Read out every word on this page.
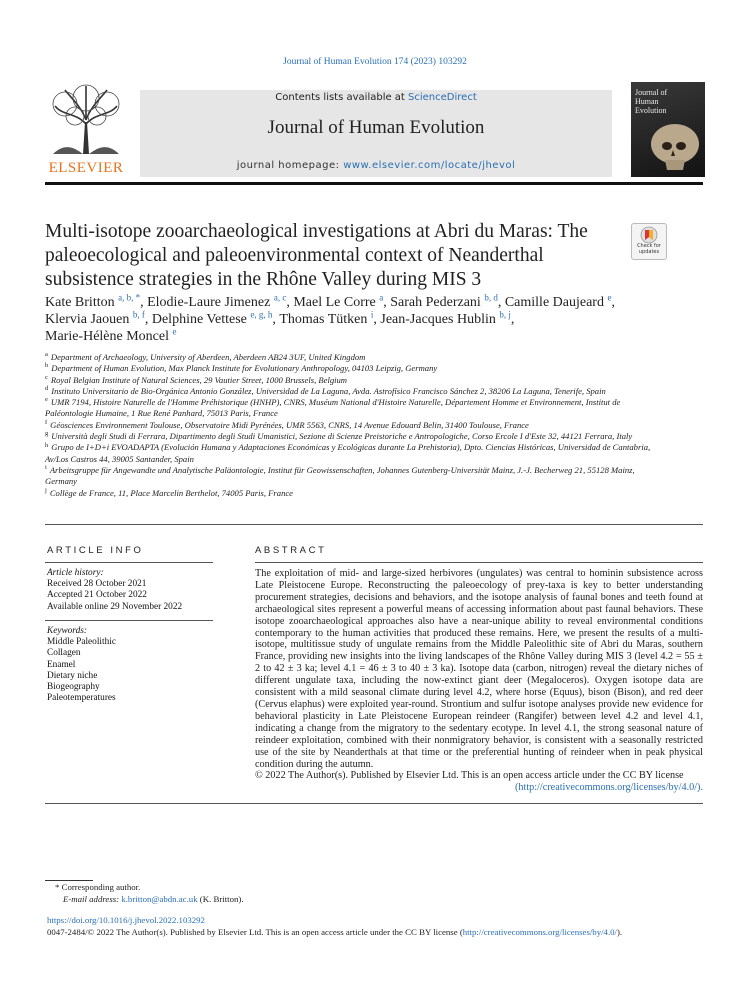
Journal of Human Evolution 174 (2023) 103292
ELSEVIER
Contents lists available at ScienceDirect
Journal of Human Evolution
journal homepage: www.elsevier.com/locate/jhevol
Journal of
Human
Evolution
Multi-isotope zooarchaeological investigations at Abri du Maras: The paleoecological and paleoenvironmental context of Neanderthal subsistence strategies in the Rhône Valley during MIS 3
Check for
updates
Kate Britton $^{a, b, *}$, Elodie-Laure Jimenez $^{a, c}$, Mael Le Corre $^a$, Sarah Pederzani $^{b, d}$, Camille Daujeard $^e$, Klervia Jaouen $^{b, f}$, Delphine Vettese $^{e, g, h}$, Thomas Tütken $^i$, Jean-Jacques Hublin $^{b, j}$, Marie-Hélène Moncel $^e$
$^a$ Department of Archaeology, University of Aberdeen, Aberdeen AB24 3UF, United Kingdom
$^b$ Department of Human Evolution, Max Planck Institute for Evolutionary Anthropology, 04103 Leipzig, Germany
$^c$ Royal Belgian Institute of Natural Sciences, 29 Vautier Street, 1000 Brussels, Belgium
$^d$ Instituto Universitario de Bio-Orgánica Antonio González, Universidad de La Laguna, Avda. Astrofísico Francisco Sánchez 2, 38206 La Laguna, Tenerife, Spain
$^e$ UMR 7194, Histoire Naturelle de l'Homme Préhistorique (HNHP), CNRS, Muséum National d'Histoire Naturelle, Département Homme et Environnement, Institut de Paléontologie Humaine, 1 Rue René Panhard, 75013 Paris, France
$^f$ Géosciences Environnement Toulouse, Observatoire Midi Pyrénées, UMR 5563, CNRS, 14 Avenue Edouard Belin, 31400 Toulouse, France
$^g$ Università degli Studi di Ferrara, Dipartimento degli Studi Umanistici, Sezione di Scienze Preistoriche e Antropologiche, Corso Ercole I d'Este 32, 44121 Ferrara, Italy
$^h$ Grupo de I+D+i EVOADAPTA (Evolución Humana y Adaptaciones Económicas y Ecológicas durante La Prehistoria), Dpto. Ciencias Históricas, Universidad de Cantabria, Av/Los Castros 44, 39005 Santander, Spain
$^i$ Arbeitsgruppe für Angewandte und Analytische Paläontologie, Institut für Geowissenschaften, Johannes Gutenberg-Universität Mainz, J.-J. Becherweg 21, 55128 Mainz, Germany
$^j$ Collège de France, 11, Place Marcelin Berthelot, 74005 Paris, France
ARTICLE INFO	ABSTRACT
Article history:
Received 28 October 2021
Accepted 21 October 2022
Available online 29 November 2022
Keywords:
Middle Paleolithic
Collagen
Enamel
Dietary niche
Biogeography
Paleotemperatures
The exploitation of mid- and large-sized herbivores (ungulates) was central to hominin subsistence across Late Pleistocene Europe. Reconstructing the paleoecology of prey-taxa is key to better understanding procurement strategies, decisions and behaviors, and the isotope analysis of faunal bones and teeth found at archaeological sites represent a powerful means of accessing information about past faunal behaviors. These isotope zooarchaeological approaches also have a near-unique ability to reveal environmental conditions contemporary to the human activities that produced these remains. Here, we present the results of a multi-isotope, multitissue study of ungulate remains from the Middle Paleolithic site of Abri du Maras, southern France, providing new insights into the living landscapes of the Rhône Valley during MIS 3 (level 4.2 = 55 ± 2 to 42 ± 3 ka; level 4.1 = 46 ± 3 to 40 ± 3 ka). Isotope data (carbon, nitrogen) reveal the dietary niches of different ungulate taxa, including the now-extinct giant deer (Megaloceros). Oxygen isotope data are consistent with a mild seasonal climate during level 4.2, where horse (Equus), bison (Bison), and red deer (Cervus elaphus) were exploited year-round. Strontium and sulfur isotope analyses provide new evidence for behavioral plasticity in Late Pleistocene European reindeer (Rangifer) between level 4.2 and level 4.1, indicating a change from the migratory to the sedentary ecotype. In level 4.1, the strong seasonal nature of reindeer exploitation, combined with their nonmigratory behavior, is consistent with a seasonally restricted use of the site by Neanderthals at that time or the preferential hunting of reindeer when in peak physical condition during the autumn.
© 2022 The Author(s). Published by Elsevier Ltd. This is an open access article under the CC BY license
(http://creativecommons.org/licenses/by/4.0/).
* Corresponding author.
E-mail address: k.britton@abdn.ac.uk (K. Britton).
https://doi.org/10.1016/j.jhevol.2022.103292
0047-2484/© 2022 The Author(s). Published by Elsevier Ltd. This is an open access article under the CC BY license (http://creativecommons.org/licenses/by/4.0/).
